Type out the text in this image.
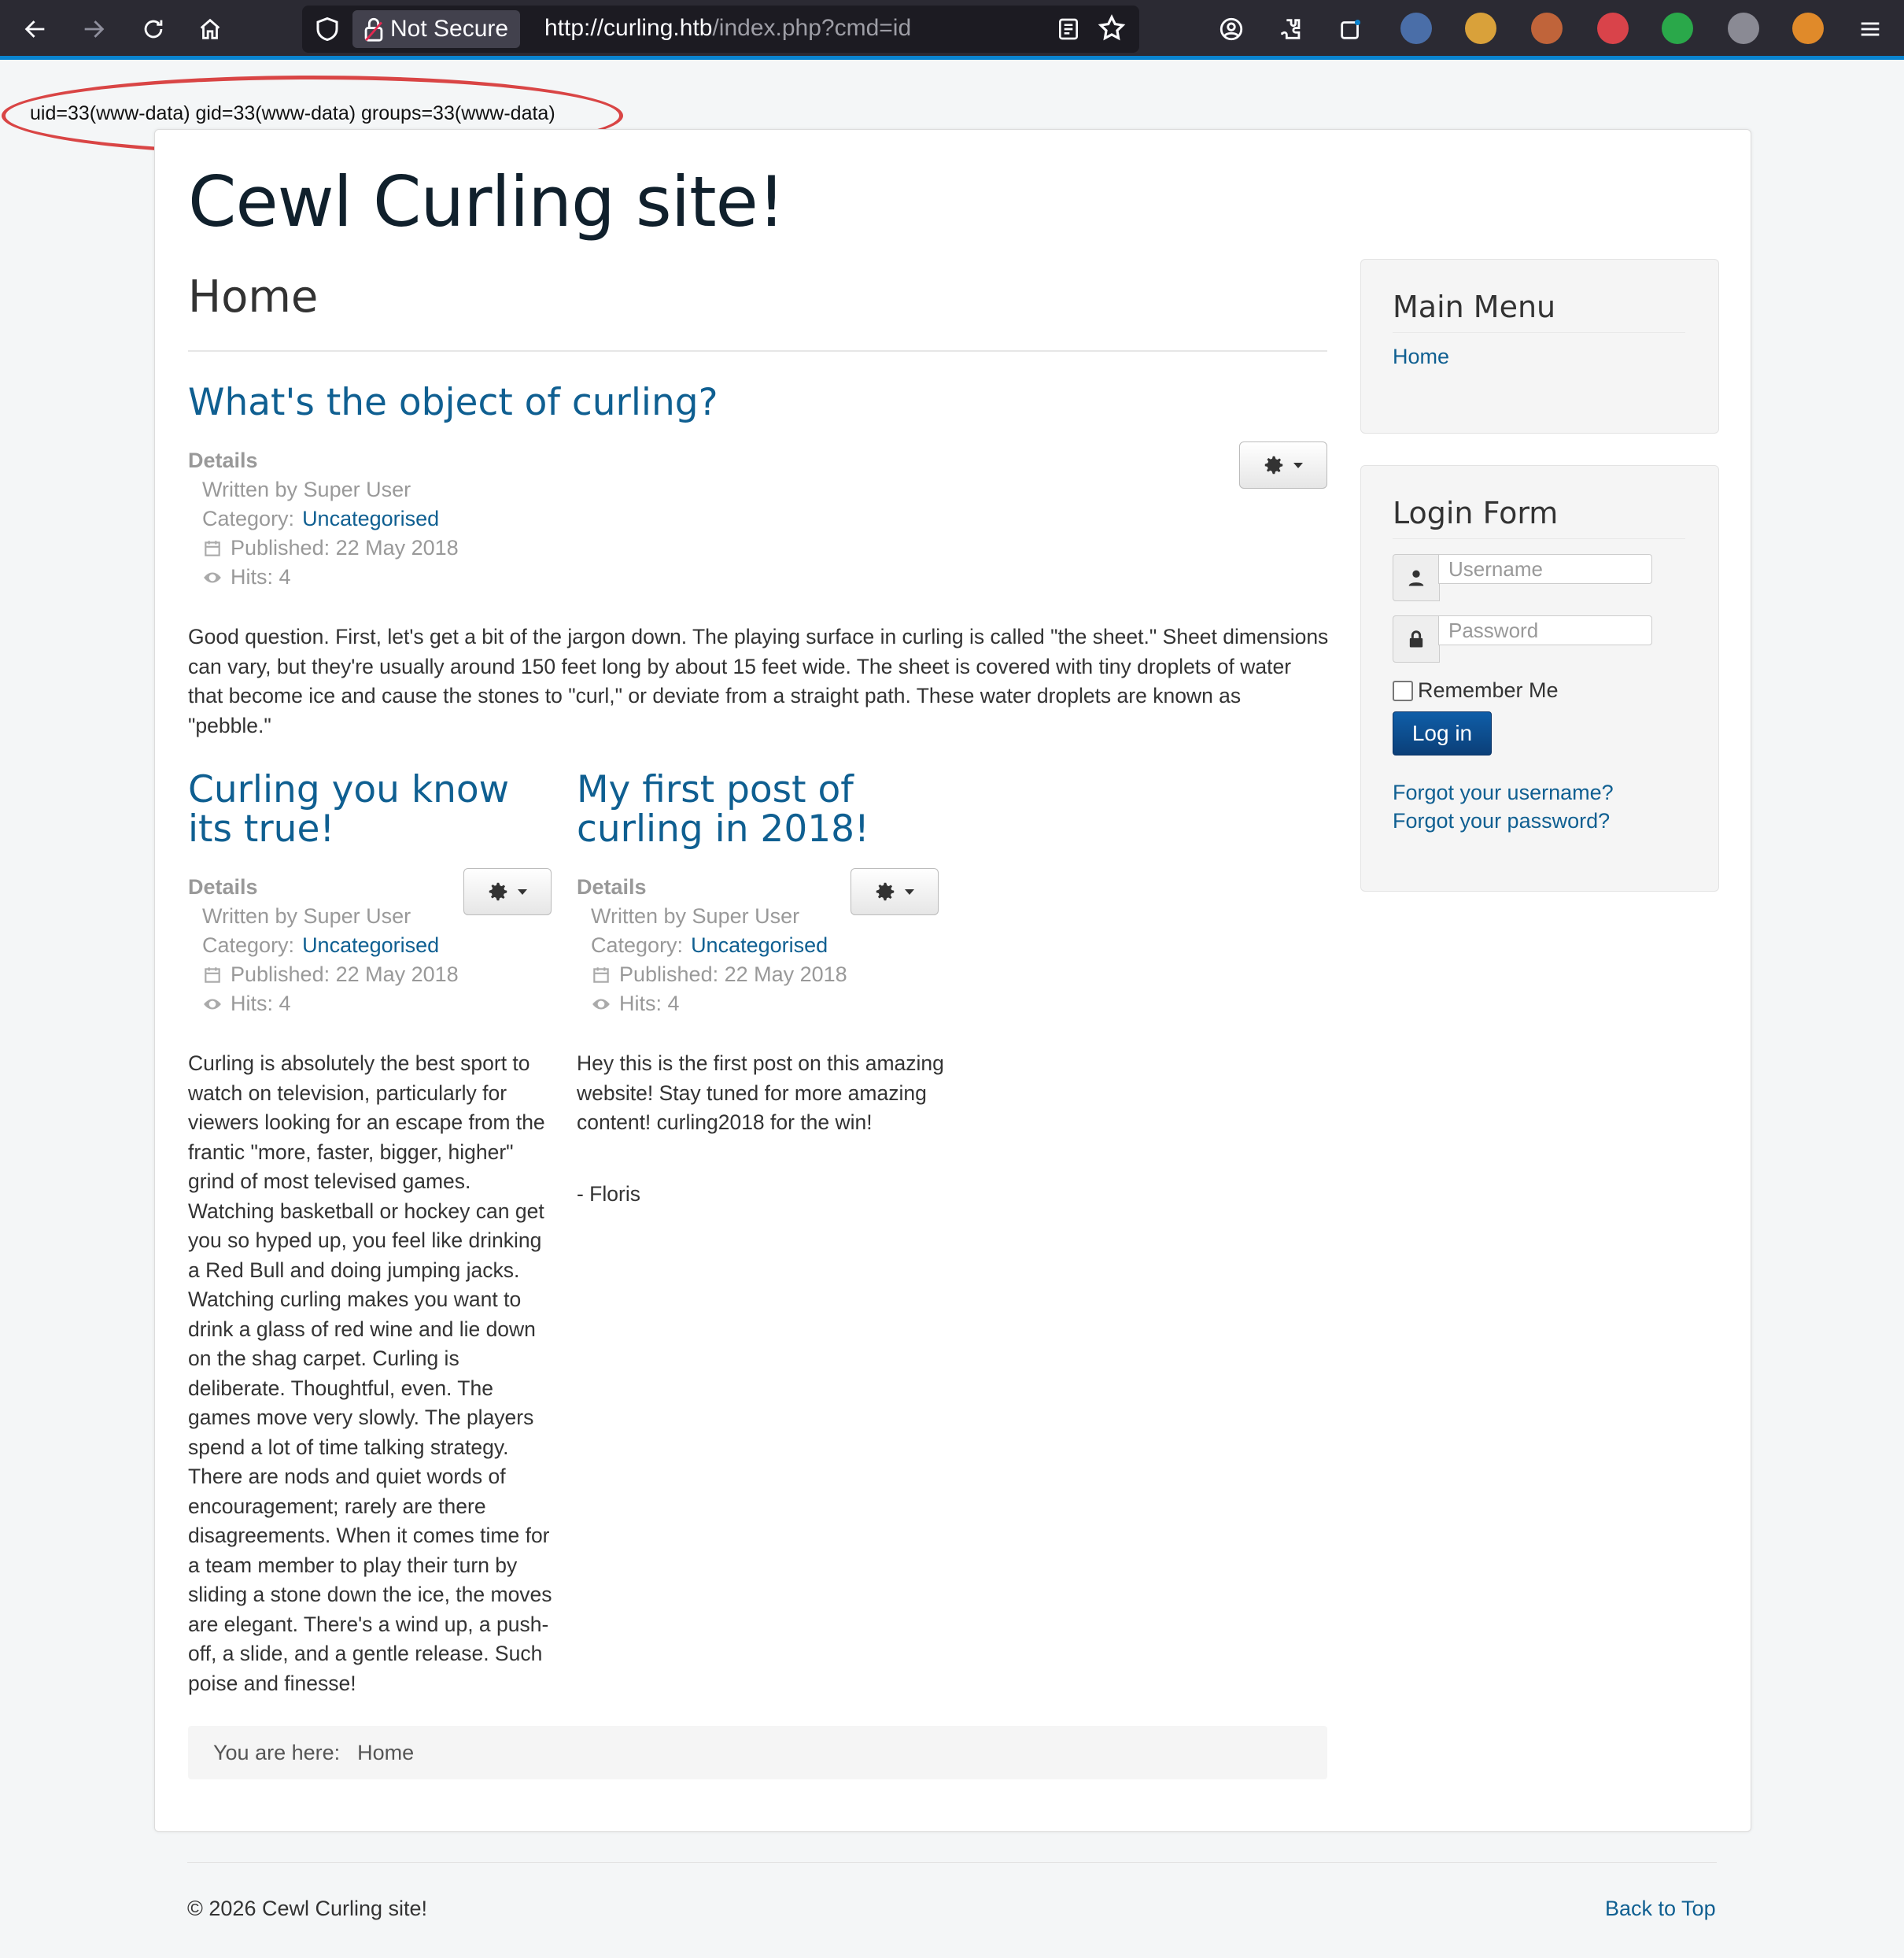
Not Secure http://curling.htb/index.php?cmd=id
uid=33(www-data) gid=33(www-data) groups=33(www-data)
Cewl Curling site!
Home
What's the object of curling?
Details
Written by Super User
Category: Uncategorised
Published: 22 May 2018
Hits: 4

Good question. First, let's get a bit of the jargon down. The playing surface in curling is called "the sheet." Sheet dimensions can vary, but they're usually around 150 feet long by about 15 feet wide. The sheet is covered with tiny droplets of water that become ice and cause the stones to "curl," or deviate from a straight path. These water droplets are known as "pebble."

Curling you know its true!
Details
Written by Super User
Category: Uncategorised
Published: 22 May 2018
Hits: 4

Curling is absolutely the best sport to watch on television, particularly for viewers looking for an escape from the frantic "more, faster, bigger, higher" grind of most televised games. Watching basketball or hockey can get you so hyped up, you feel like drinking a Red Bull and doing jumping jacks. Watching curling makes you want to drink a glass of red wine and lie down on the shag carpet. Curling is deliberate. Thoughtful, even. The games move very slowly. The players spend a lot of time talking strategy. There are nods and quiet words of encouragement; rarely are there disagreements. When it comes time for a team member to play their turn by sliding a stone down the ice, the moves are elegant. There's a wind up, a push-off, a slide, and a gentle release. Such poise and finesse!

My first post of curling in 2018!
Details
Written by Super User
Category: Uncategorised
Published: 22 May 2018
Hits: 4

Hey this is the first post on this amazing website! Stay tuned for more amazing content! curling2018 for the win!

- Floris

You are here: Home
Main Menu
Home
Login Form
Username
Remember Me
Log in
Forgot your username?
Forgot your password?
© 2026 Cewl Curling site!	Back to Top
